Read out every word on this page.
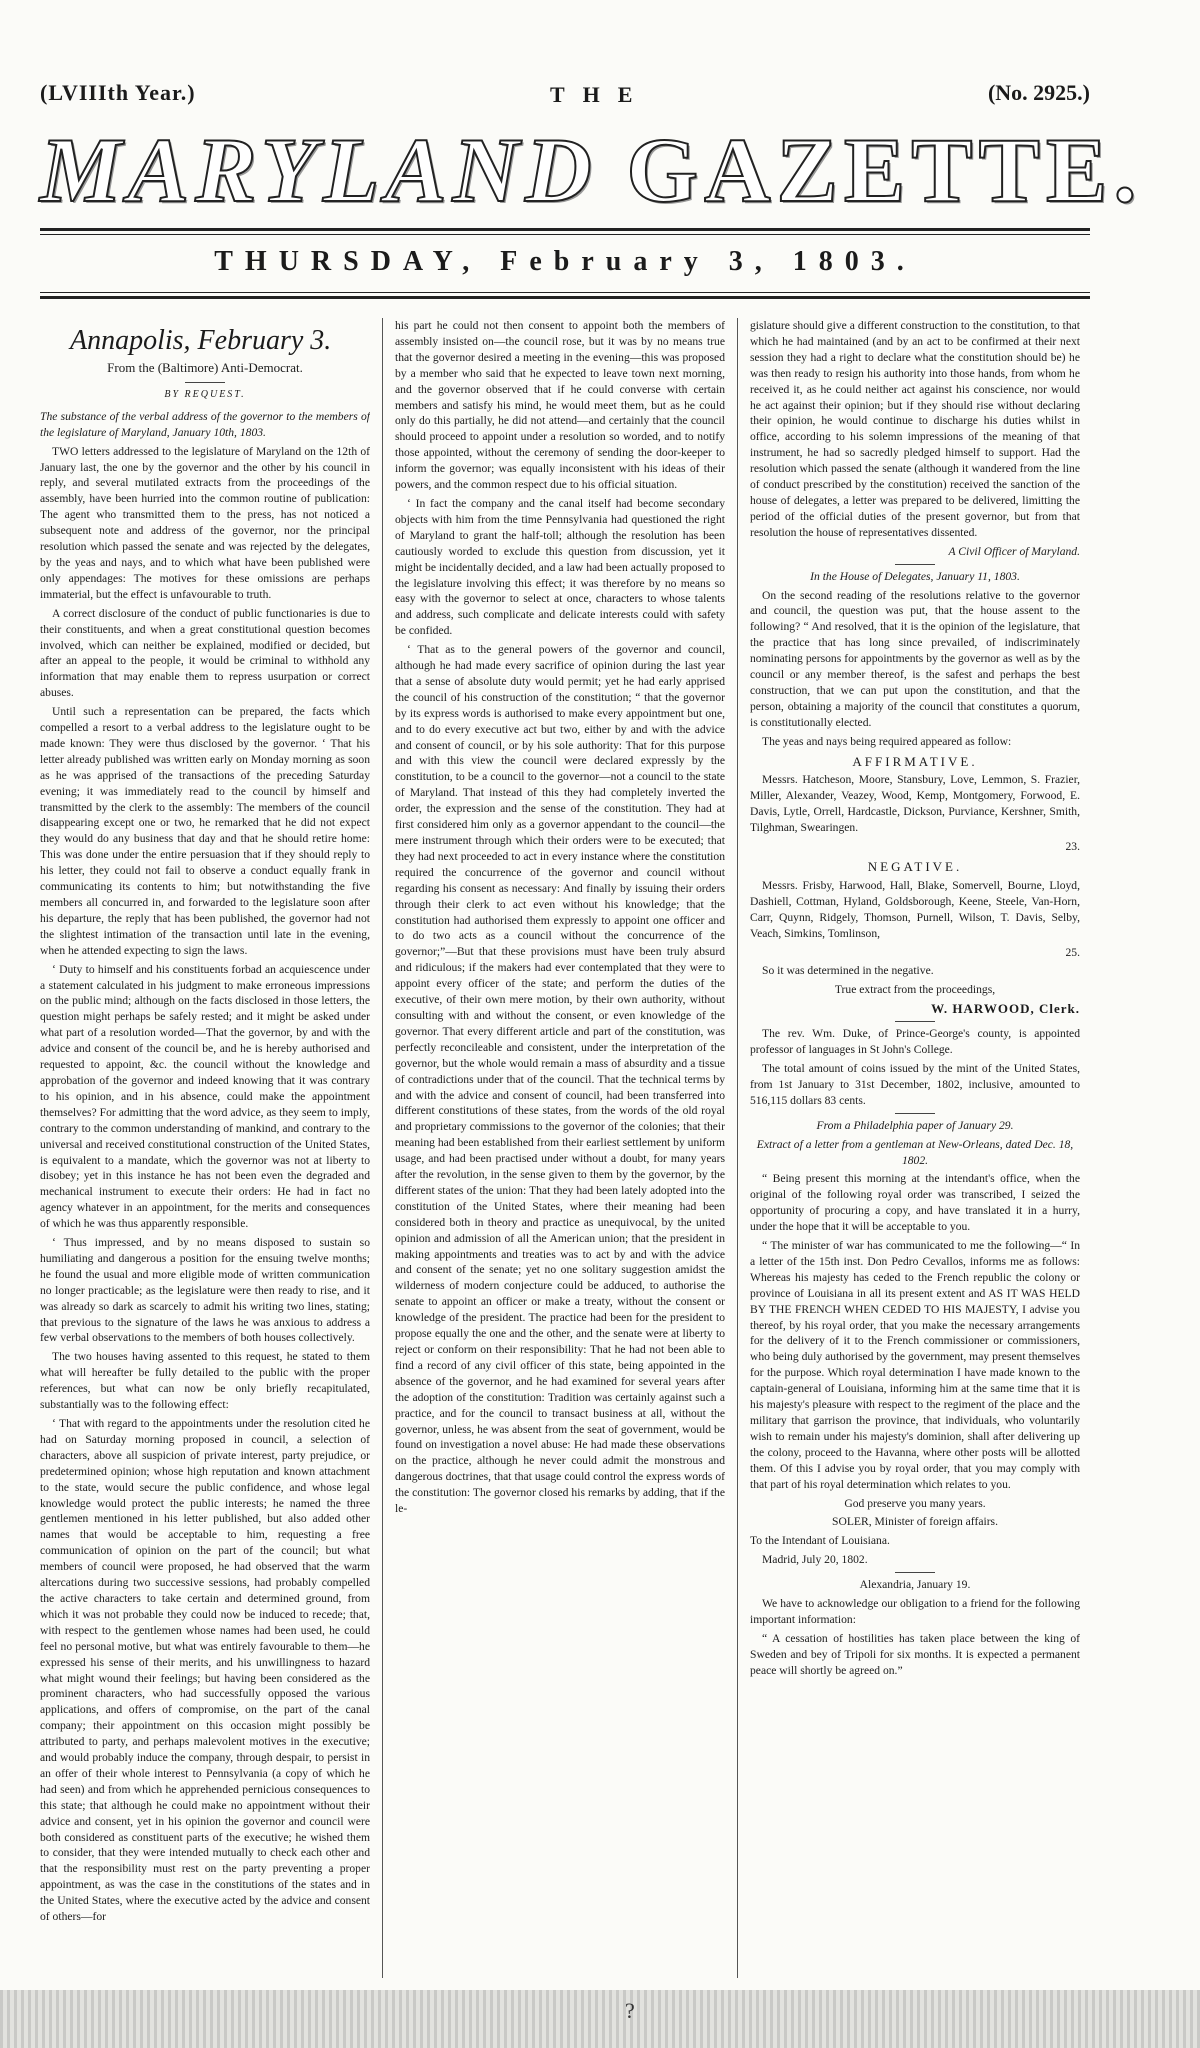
(LVIIIth Year.)	THE	(No. 2925.)
MARYLAND GAZETTE.
THURSDAY, February 3, 1803.

Annapolis, February 3.

From the (Baltimore) Anti-Democrat.

BY REQUEST.

The substance of the verbal address of the governor to the members of the legislature of Maryland, January 10th, 1803.

TWO letters addressed to the legislature of Maryland on the 12th of January last, the one by the governor and the other by his council in reply, and several mutilated extracts from the proceedings of the assembly, have been hurried into the common routine of publication: The agent who transmitted them to the press, has not noticed a subsequent note and address of the governor, nor the principal resolution which passed the senate and was rejected by the delegates, by the yeas and nays, and to which what have been published were only appendages: The motives for these omissions are perhaps immaterial, but the effect is unfavourable to truth.

A correct disclosure of the conduct of public functionaries is due to their constituents, and when a great constitutional question becomes involved, which can neither be explained, modified or decided, but after an appeal to the people, it would be criminal to withhold any information that may enable them to repress usurpation or correct abuses.

Until such a representation can be prepared, the facts which compelled a resort to a verbal address to the legislature ought to be made known: They were thus disclosed by the governor. ‘ That his letter already published was written early on Monday morning as soon as he was apprised of the transactions of the preceding Saturday evening; it was immediately read to the council by himself and transmitted by the clerk to the assembly: The members of the council disappearing except one or two, he remarked that he did not expect they would do any business that day and that he should retire home: This was done under the entire persuasion that if they should reply to his letter, they could not fail to observe a conduct equally frank in communicating its contents to him; but notwithstanding the five members all concurred in, and forwarded to the legislature soon after his departure, the reply that has been published, the governor had not the slightest intimation of the transaction until late in the evening, when he attended expecting to sign the laws.

‘ Duty to himself and his constituents forbad an acquiescence under a statement calculated in his judgment to make erroneous impressions on the public mind; although on the facts disclosed in those letters, the question might perhaps be safely rested; and it might be asked under what part of a resolution worded—That the governor, by and with the advice and consent of the council be, and he is hereby authorised and requested to appoint, &c. the council without the knowledge and approbation of the governor and indeed knowing that it was contrary to his opinion, and in his absence, could make the appointment themselves? For admitting that the word advice, as they seem to imply, contrary to the common understanding of mankind, and contrary to the universal and received constitutional construction of the United States, is equivalent to a mandate, which the governor was not at liberty to disobey; yet in this instance he has not been even the degraded and mechanical instrument to execute their orders: He had in fact no agency whatever in an appointment, for the merits and consequences of which he was thus apparently responsible.

‘ Thus impressed, and by no means disposed to sustain so humiliating and dangerous a position for the ensuing twelve months; he found the usual and more eligible mode of written communication no longer practicable; as the legislature were then ready to rise, and it was already so dark as scarcely to admit his writing two lines, stating; that previous to the signature of the laws he was anxious to address a few verbal observations to the members of both houses collectively.

The two houses having assented to this request, he stated to them what will hereafter be fully detailed to the public with the proper references, but what can now be only briefly recapitulated, substantially was to the following effect:

‘ That with regard to the appointments under the resolution cited he had on Saturday morning proposed in council, a selection of characters, above all suspicion of private interest, party prejudice, or predetermined opinion; whose high reputation and known attachment to the state, would secure the public confidence, and whose legal knowledge would protect the public interests; he named the three gentlemen mentioned in his letter published, but also added other names that would be acceptable to him, requesting a free communication of opinion on the part of the council; but what members of council were proposed, he had observed that the warm altercations during two successive sessions, had probably compelled the active characters to take certain and determined ground, from which it was not probable they could now be induced to recede; that, with respect to the gentlemen whose names had been used, he could feel no personal motive, but what was entirely favourable to them—he expressed his sense of their merits, and his unwillingness to hazard what might wound their feelings; but having been considered as the prominent characters, who had successfully opposed the various applications, and offers of compromise, on the part of the canal company; their appointment on this occasion might possibly be attributed to party, and perhaps malevolent motives in the executive; and would probably induce the company, through despair, to persist in an offer of their whole interest to Pennsylvania (a copy of which he had seen) and from which he apprehended pernicious consequences to this state; that although he could make no appointment without their advice and consent, yet in his opinion the governor and council were both considered as constituent parts of the executive; he wished them to consider, that they were intended mutually to check each other and that the responsibility must rest on the party preventing a proper appointment, as was the case in the constitutions of the states and in the United States, where the executive acted by the advice and consent of others—for

his part he could not then consent to appoint both the members of assembly insisted on—the council rose, but it was by no means true that the governor desired a meeting in the evening—this was proposed by a member who said that he expected to leave town next morning, and the governor observed that if he could converse with certain members and satisfy his mind, he would meet them, but as he could only do this partially, he did not attend—and certainly that the council should proceed to appoint under a resolution so worded, and to notify those appointed, without the ceremony of sending the door-keeper to inform the governor; was equally inconsistent with his ideas of their powers, and the common respect due to his official situation.

‘ In fact the company and the canal itself had become secondary objects with him from the time Pennsylvania had questioned the right of Maryland to grant the half-toll; although the resolution has been cautiously worded to exclude this question from discussion, yet it might be incidentally decided, and a law had been actually proposed to the legislature involving this effect; it was therefore by no means so easy with the governor to select at once, characters to whose talents and address, such complicate and delicate interests could with safety be confided.

‘ That as to the general powers of the governor and council, although he had made every sacrifice of opinion during the last year that a sense of absolute duty would permit; yet he had early apprised the council of his construction of the constitution; “ that the governor by its express words is authorised to make every appointment but one, and to do every executive act but two, either by and with the advice and consent of council, or by his sole authority: That for this purpose and with this view the council were declared expressly by the constitution, to be a council to the governor—not a council to the state of Maryland. That instead of this they had completely inverted the order, the expression and the sense of the constitution. They had at first considered him only as a governor appendant to the council—the mere instrument through which their orders were to be executed; that they had next proceeded to act in every instance where the constitution required the concurrence of the governor and council without regarding his consent as necessary: And finally by issuing their orders through their clerk to act even without his knowledge; that the constitution had authorised them expressly to appoint one officer and to do two acts as a council without the concurrence of the governor;”—But that these provisions must have been truly absurd and ridiculous; if the makers had ever contemplated that they were to appoint every officer of the state; and perform the duties of the executive, of their own mere motion, by their own authority, without consulting with and without the consent, or even knowledge of the governor. That every different article and part of the constitution, was perfectly reconcileable and consistent, under the interpretation of the governor, but the whole would remain a mass of absurdity and a tissue of contradictions under that of the council. That the technical terms by and with the advice and consent of council, had been transferred into different constitutions of these states, from the words of the old royal and proprietary commissions to the governor of the colonies; that their meaning had been established from their earliest settlement by uniform usage, and had been practised under without a doubt, for many years after the revolution, in the sense given to them by the governor, by the different states of the union: That they had been lately adopted into the constitution of the United States, where their meaning had been considered both in theory and practice as unequivocal, by the united opinion and admission of all the American union; that the president in making appointments and treaties was to act by and with the advice and consent of the senate; yet no one solitary suggestion amidst the wilderness of modern conjecture could be adduced, to authorise the senate to appoint an officer or make a treaty, without the consent or knowledge of the president. The practice had been for the president to propose equally the one and the other, and the senate were at liberty to reject or conform on their responsibility: That he had not been able to find a record of any civil officer of this state, being appointed in the absence of the governor, and he had examined for several years after the adoption of the constitution: Tradition was certainly against such a practice, and for the council to transact business at all, without the governor, unless, he was absent from the seat of government, would be found on investigation a novel abuse: He had made these observations on the practice, although he never could admit the monstrous and dangerous doctrines, that that usage could control the express words of the constitution: The governor closed his remarks by adding, that if the le-

gislature should give a different construction to the constitution, to that which he had maintained (and by an act to be confirmed at their next session they had a right to declare what the constitution should be) he was then ready to resign his authority into those hands, from whom he received it, as he could neither act against his conscience, nor would he act against their opinion; but if they should rise without declaring their opinion, he would continue to discharge his duties whilst in office, according to his solemn impressions of the meaning of that instrument, he had so sacredly pledged himself to support. Had the resolution which passed the senate (although it wandered from the line of conduct prescribed by the constitution) received the sanction of the house of delegates, a letter was prepared to be delivered, limitting the period of the official duties of the present governor, but from that resolution the house of representatives dissented.

A Civil Officer of Maryland.

In the House of Delegates, January 11, 1803.

On the second reading of the resolutions relative to the governor and council, the question was put, that the house assent to the following? “ And resolved, that it is the opinion of the legislature, that the practice that has long since prevailed, of indiscriminately nominating persons for appointments by the governor as well as by the council or any member thereof, is the safest and perhaps the best construction, that we can put upon the constitution, and that the person, obtaining a majority of the council that constitutes a quorum, is constitutionally elected.

The yeas and nays being required appeared as follow:

AFFIRMATIVE.

Messrs. Hatcheson, Moore, Stansbury, Love, Lemmon, S. Frazier, Miller, Alexander, Veazey, Wood, Kemp, Montgomery, Forwood, E. Davis, Lytle, Orrell, Hardcastle, Dickson, Purviance, Kershner, Smith, Tilghman, Swearingen.

23.

NEGATIVE.

Messrs. Frisby, Harwood, Hall, Blake, Somervell, Bourne, Lloyd, Dashiell, Cottman, Hyland, Goldsborough, Keene, Steele, Van-Horn, Carr, Quynn, Ridgely, Thomson, Purnell, Wilson, T. Davis, Selby, Veach, Simkins, Tomlinson,

25.

So it was determined in the negative.

True extract from the proceedings,

W. HARWOOD, Clerk.

The rev. Wm. Duke, of Prince-George's county, is appointed professor of languages in St John's College.

The total amount of coins issued by the mint of the United States, from 1st January to 31st December, 1802, inclusive, amounted to 516,115 dollars 83 cents.

From a Philadelphia paper of January 29.

Extract of a letter from a gentleman at New-Orleans, dated Dec. 18, 1802.

“ Being present this morning at the intendant's office, when the original of the following royal order was transcribed, I seized the opportunity of procuring a copy, and have translated it in a hurry, under the hope that it will be acceptable to you.

“ The minister of war has communicated to me the following—“ In a letter of the 15th inst. Don Pedro Cevallos, informs me as follows: Whereas his majesty has ceded to the French republic the colony or province of Louisiana in all its present extent and AS IT WAS HELD BY THE FRENCH WHEN CEDED TO HIS MAJESTY, I advise you thereof, by his royal order, that you make the necessary arrangements for the delivery of it to the French commissioner or commissioners, who being duly authorised by the government, may present themselves for the purpose. Which royal determination I have made known to the captain-general of Louisiana, informing him at the same time that it is his majesty's pleasure with respect to the regiment of the place and the military that garrison the province, that individuals, who voluntarily wish to remain under his majesty's dominion, shall after delivering up the colony, proceed to the Havanna, where other posts will be allotted them. Of this I advise you by royal order, that you may comply with that part of his royal determination which relates to you.

God preserve you many years.

SOLER, Minister of foreign affairs.

To the Intendant of Louisiana.

Madrid, July 20, 1802.

Alexandria, January 19.

We have to acknowledge our obligation to a friend for the following important information:

“ A cessation of hostilities has taken place between the king of Sweden and bey of Tripoli for six months. It is expected a permanent peace will shortly be agreed on.”

?
